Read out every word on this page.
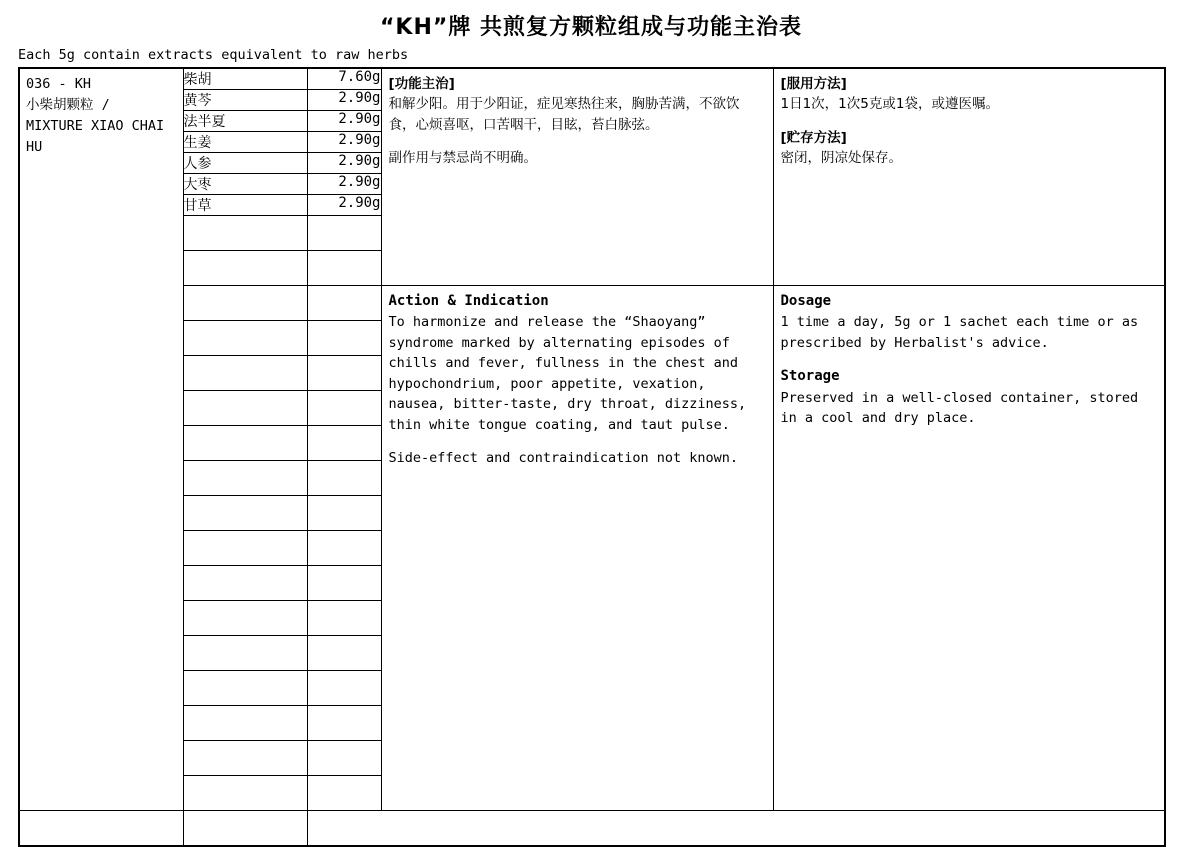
“KH”牌 共煎复方颗粒组成与功能主治表
Each 5g contain extracts equivalent to raw herbs
036 - KH
小柴胡颗粒 /
MIXTURE XIAO CHAI HU
	柴胡	7.60g	[功能主治]
和解少阳。用于少阳证，症见寒热往来，胸胁苦满，不欲饮食，心烦喜呕，口苦咽干，目眩，苔白脉弦。
副作用与禁忌尚不明确。

[服用方法]
1日1次，1次5克或1袋，或遵医嘱。
[贮存方法]
密闭，阴凉处保存。

	黄芩	2.90g		
	法半夏	2.90g		
	生姜	2.90g		
	人参	2.90g		
	大枣	2.90g		
	甘草	2.90g		

Action & Indication
To harmonize and release the “Shaoyang” syndrome marked by alternating episodes of chills and fever, fullness in the chest and hypochondrium, poor appetite, vexation, nausea, bitter-taste, dry throat, dizziness, thin white tongue coating, and taut pulse.
Side-effect and contraindication not known.

Dosage
1 time a day, 5g or 1 sachet each time or as prescribed by Herbalist's advice.
Storage
Preserved in a well-closed container, stored in a cool and dry place.
